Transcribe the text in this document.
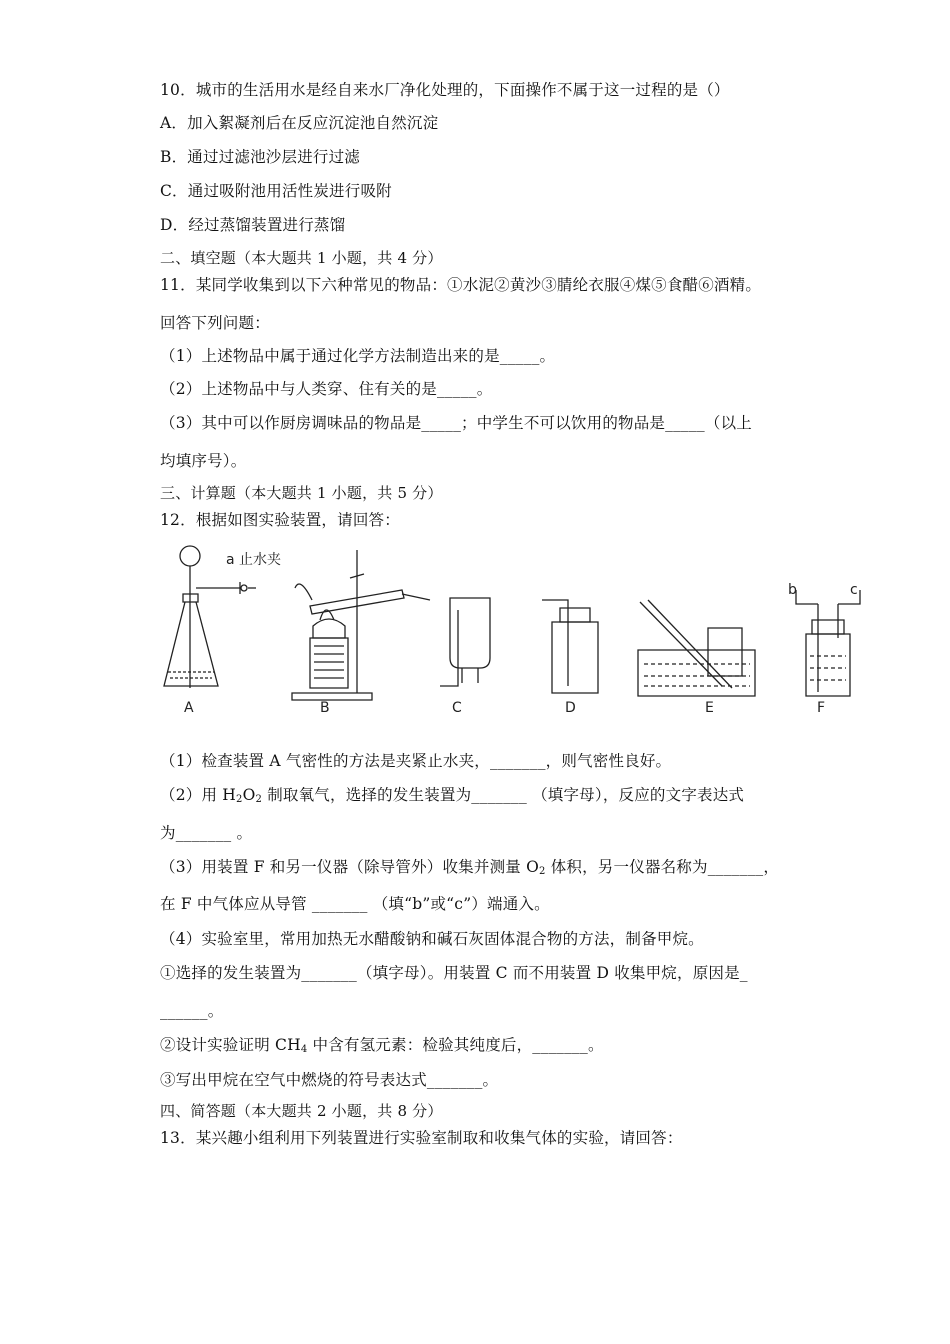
10．城市的生活用水是经自来水厂净化处理的，下面操作不属于这一过程的是（）
A．加入絮凝剂后在反应沉淀池自然沉淀
B．通过过滤池沙层进行过滤
C．通过吸附池用活性炭进行吸附
D．经过蒸馏装置进行蒸馏
二、填空题（本大题共 1 小题，共 4 分）
11．某同学收集到以下六种常见的物品：①水泥②黄沙③腈纶衣服④煤⑤食醋⑥酒精。
回答下列问题：
（1）上述物品中属于通过化学方法制造出来的是_____。
（2）上述物品中与人类穿、住有关的是_____。
（3）其中可以作厨房调味品的物品是_____；中学生不可以饮用的物品是_____（以上
均填序号）。
三、计算题（本大题共 1 小题，共 5 分）
12．根据如图实验装置，请回答：
a 止水夹
b	c
A	B	C	D	E	F
（1）检查装置 A 气密性的方法是夹紧止水夹，_______，则气密性良好。
（2）用 $H_2O_2$ 制取氧气，选择的发生装置为_______ （填字母），反应的文字表达式
为_______ 。
（3）用装置 F 和另一仪器（除导管外）收集并测量 $O_2$ 体积，另一仪器名称为_______，
在 F 中气体应从导管 _______ （填“b”或“c”）端通入。
（4）实验室里，常用加热无水醋酸钠和碱石灰固体混合物的方法，制备甲烷。
①选择的发生装置为_______（填字母）。用装置 C 而不用装置 D 收集甲烷，原因是_
______。
②设计实验证明 $CH_4$ 中含有氢元素：检验其纯度后，_______。
③写出甲烷在空气中燃烧的符号表达式_______。
四、简答题（本大题共 2 小题，共 8 分）
13．某兴趣小组利用下列装置进行实验室制取和收集气体的实验，请回答：
